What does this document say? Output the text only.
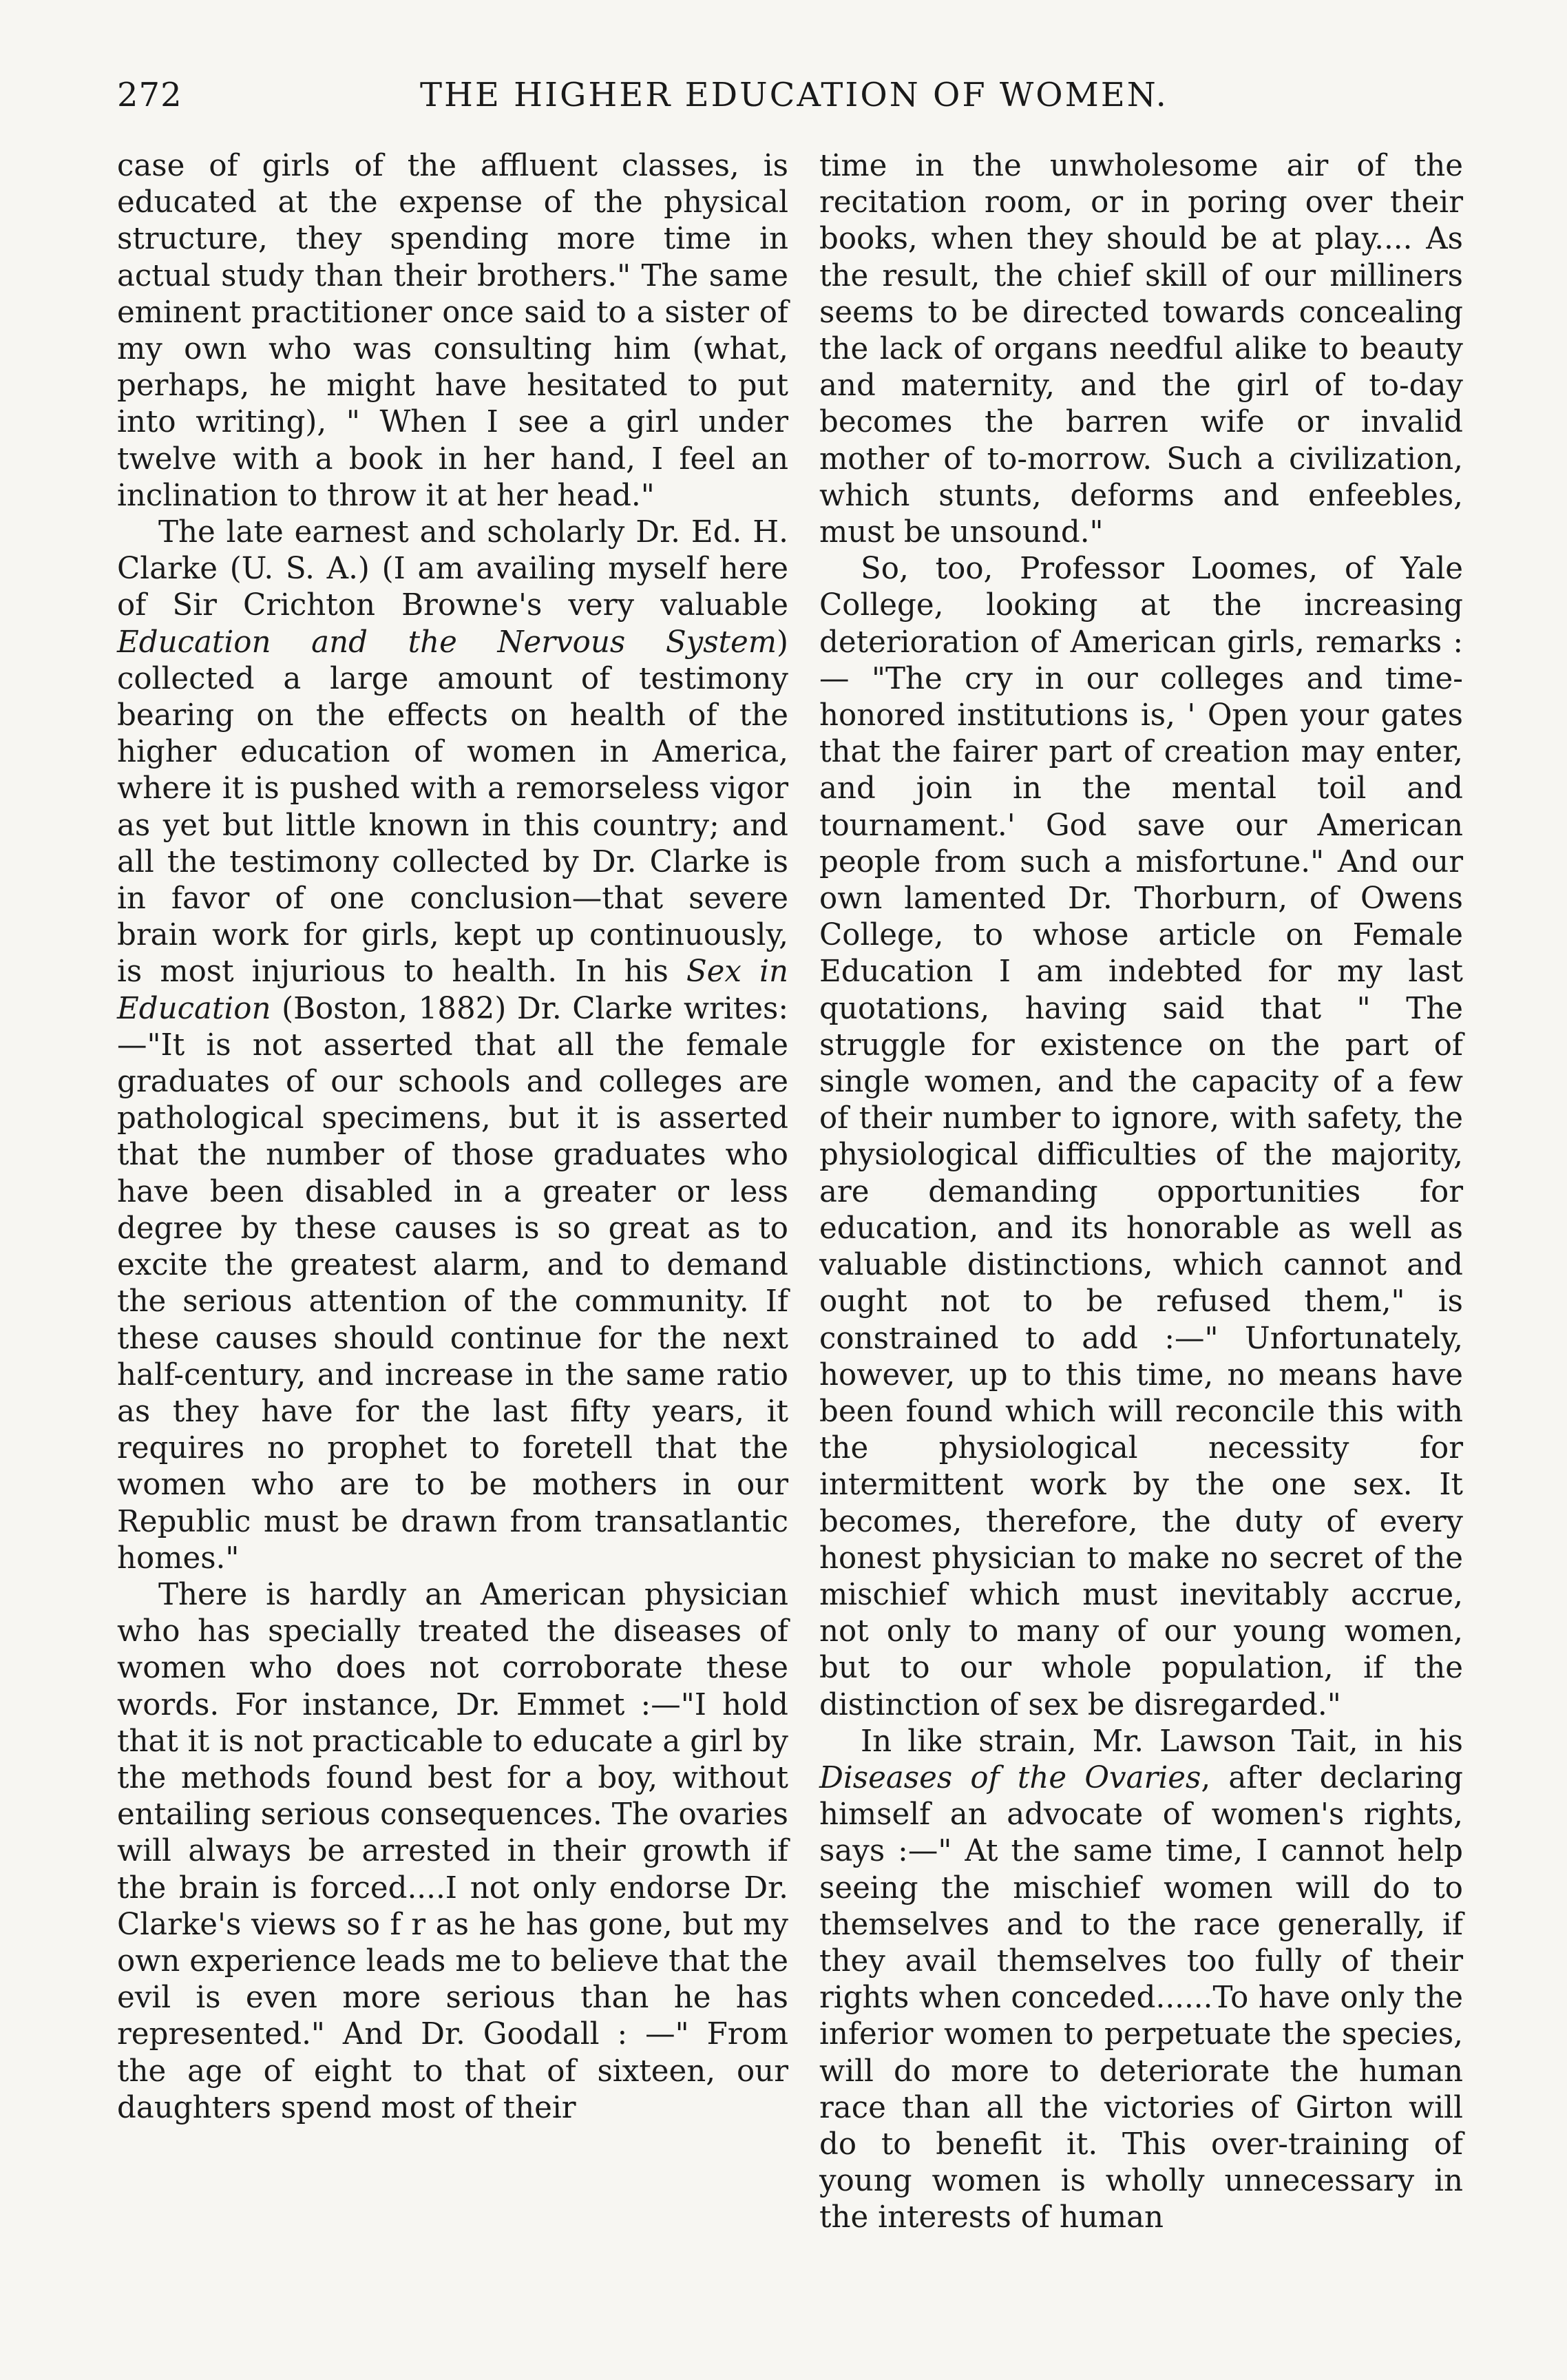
272	THE HIGHER EDUCATION OF WOMEN.

case of girls of the affluent classes, is educated at the expense of the physical structure, they spending more time in actual study than their brothers." The same eminent practitioner once said to a sister of my own who was consulting him (what, perhaps, he might have hesitated to put into writing), " When I see a girl under twelve with a book in her hand, I feel an inclination to throw it at her head."

The late earnest and scholarly Dr. Ed. H. Clarke (U. S. A.) (I am availing myself here of Sir Crichton Browne's very valuable Education and the Nervous System) collected a large amount of testimony bearing on the effects on health of the higher education of women in America, where it is pushed with a remorseless vigor as yet but little known in this country; and all the testimony collected by Dr. Clarke is in favor of one conclusion—that severe brain work for girls, kept up continuously, is most injurious to health. In his Sex in Education (Boston, 1882) Dr. Clarke writes: —"It is not asserted that all the female graduates of our schools and colleges are pathological specimens, but it is asserted that the number of those graduates who have been disabled in a greater or less degree by these causes is so great as to excite the greatest alarm, and to demand the serious attention of the community. If these causes should continue for the next half-century, and increase in the same ratio as they have for the last fifty years, it requires no prophet to foretell that the women who are to be mothers in our Republic must be drawn from transatlantic homes."

There is hardly an American physician who has specially treated the diseases of women who does not corroborate these words. For instance, Dr. Emmet :—"I hold that it is not practicable to educate a girl by the methods found best for a boy, without entailing serious consequences. The ovaries will always be arrested in their growth if the brain is forced....I not only endorse Dr. Clarke's views so f r as he has gone, but my own experience leads me to believe that the evil is even more serious than he has represented." And Dr. Goodall : —" From the age of eight to that of sixteen, our daughters spend most of their

time in the unwholesome air of the recitation room, or in poring over their books, when they should be at play.... As the result, the chief skill of our milliners seems to be directed towards concealing the lack of organs needful alike to beauty and maternity, and the girl of to-day becomes the barren wife or invalid mother of to-morrow. Such a civilization, which stunts, deforms and enfeebles, must be unsound."

So, too, Professor Loomes, of Yale College, looking at the increasing deterioration of American girls, remarks :— "The cry in our colleges and time-honored institutions is, ' Open your gates that the fairer part of creation may enter, and join in the mental toil and tournament.' God save our American people from such a misfortune." And our own lamented Dr. Thorburn, of Owens College, to whose article on Female Education I am indebted for my last quotations, having said that " The struggle for existence on the part of single women, and the capacity of a few of their number to ignore, with safety, the physiological difficulties of the majority, are demanding opportunities for education, and its honorable as well as valuable distinctions, which cannot and ought not to be refused them," is constrained to add :—" Unfortunately, however, up to this time, no means have been found which will reconcile this with the physiological necessity for intermittent work by the one sex. It becomes, therefore, the duty of every honest physician to make no secret of the mischief which must inevitably accrue, not only to many of our young women, but to our whole population, if the distinction of sex be disregarded."

In like strain, Mr. Lawson Tait, in his Diseases of the Ovaries, after declaring himself an advocate of women's rights, says :—" At the same time, I cannot help seeing the mischief women will do to themselves and to the race generally, if they avail themselves too fully of their rights when conceded......To have only the inferior women to perpetuate the species, will do more to deteriorate the human race than all the victories of Girton will do to benefit it. This over-training of young women is wholly unnecessary in the interests of human
